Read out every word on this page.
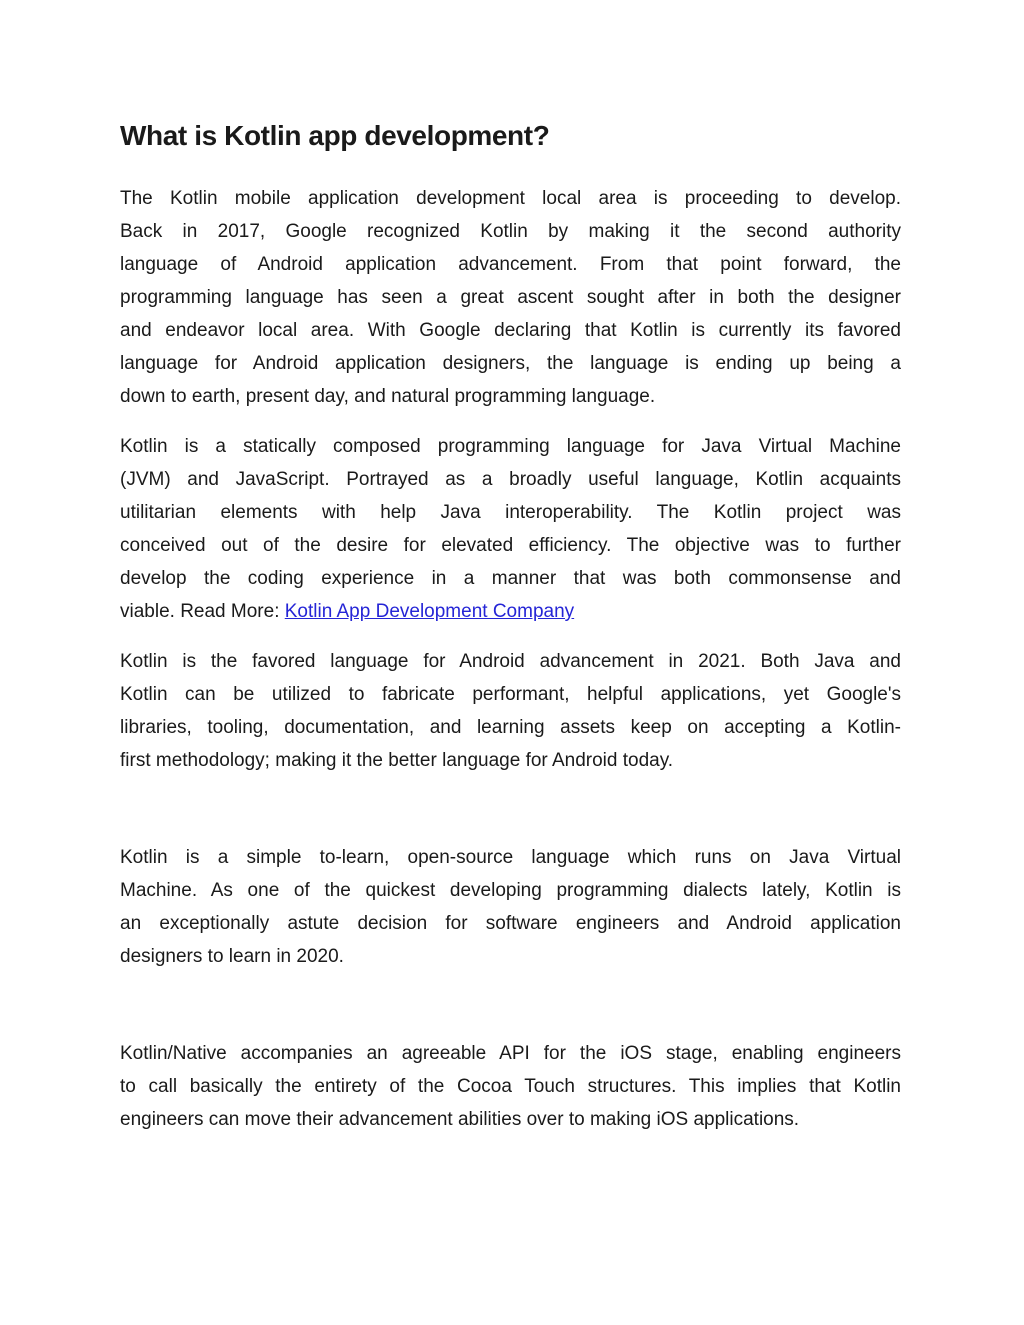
What is Kotlin app development?
The Kotlin mobile application development local area is proceeding to develop.
Back in 2017, Google recognized Kotlin by making it the second authority
language of Android application advancement. From that point forward, the
programming language has seen a great ascent sought after in both the designer
and endeavor local area. With Google declaring that Kotlin is currently its favored
language for Android application designers, the language is ending up being a
down to earth, present day, and natural programming language.
Kotlin is a statically composed programming language for Java Virtual Machine
(JVM) and JavaScript. Portrayed as a broadly useful language, Kotlin acquaints
utilitarian elements with help Java interoperability. The Kotlin project was
conceived out of the desire for elevated efficiency. The objective was to further
develop the coding experience in a manner that was both commonsense and
viable. Read More: Kotlin App Development Company
Kotlin is the favored language for Android advancement in 2021. Both Java and
Kotlin can be utilized to fabricate performant, helpful applications, yet Google's
libraries, tooling, documentation, and learning assets keep on accepting a Kotlin-
first methodology; making it the better language for Android today.
Kotlin is a simple to-learn, open-source language which runs on Java Virtual
Machine. As one of the quickest developing programming dialects lately, Kotlin is
an exceptionally astute decision for software engineers and Android application
designers to learn in 2020.
Kotlin/Native accompanies an agreeable API for the iOS stage, enabling engineers
to call basically the entirety of the Cocoa Touch structures. This implies that Kotlin
engineers can move their advancement abilities over to making iOS applications.
